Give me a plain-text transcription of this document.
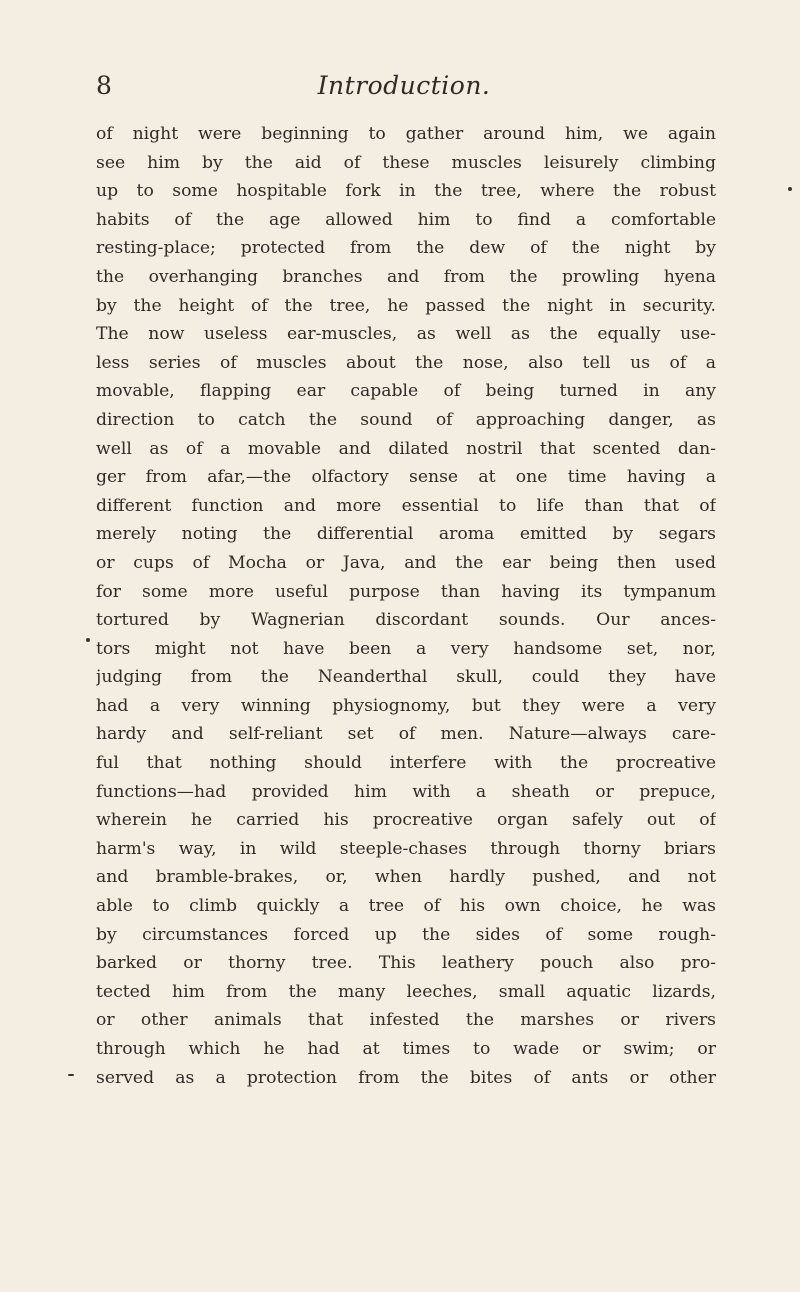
8	Introduction.
of night were beginning to gather around him, we again
see him by the aid of these muscles leisurely climbing
up to some hospitable fork in the tree, where the robust
habits of the age allowed him to find a comfortable
resting-place; protected from the dew of the night by
the overhanging branches and from the prowling hyena
by the height of the tree, he passed the night in security.
The now useless ear-muscles, as well as the equally use-
less series of muscles about the nose, also tell us of a
movable, flapping ear capable of being turned in any
direction to catch the sound of approaching danger, as
well as of a movable and dilated nostril that scented dan-
ger from afar,—the olfactory sense at one time having a
different function and more essential to life than that of
merely noting the differential aroma emitted by segars
or cups of Mocha or Java, and the ear being then used
for some more useful purpose than having its tympanum
tortured by Wagnerian discordant sounds. Our ances-
tors might not have been a very handsome set, nor,
judging from the Neanderthal skull, could they have
had a very winning physiognomy, but they were a very
hardy and self-reliant set of men. Nature—always care-
ful that nothing should interfere with the procreative
functions—had provided him with a sheath or prepuce,
wherein he carried his procreative organ safely out of
harm's way, in wild steeple-chases through thorny briars
and bramble-brakes, or, when hardly pushed, and not
able to climb quickly a tree of his own choice, he was
by circumstances forced up the sides of some rough-
barked or thorny tree. This leathery pouch also pro-
tected him from the many leeches, small aquatic lizards,
or other animals that infested the marshes or rivers
through which he had at times to wade or swim; or
served as a protection from the bites of ants or other
